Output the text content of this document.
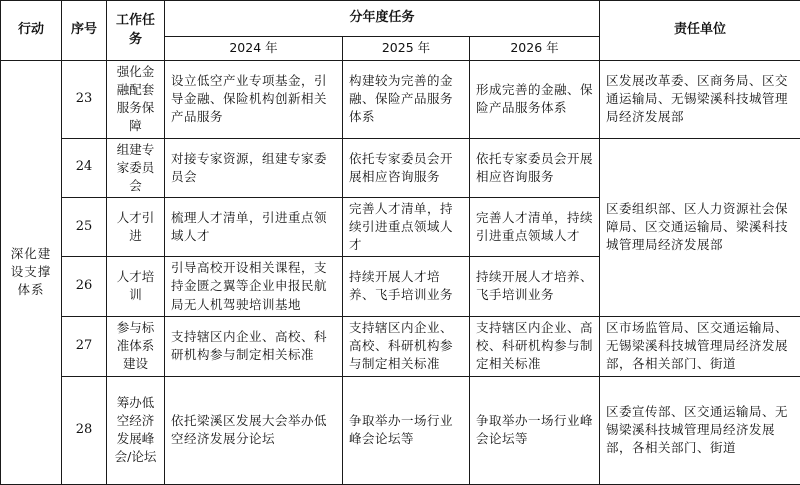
行动	序号	工作任务	分年度任务			责任单位
			2024 年	2025 年	2026 年	
深化建设支撑体系	23	强化金融配套服务保障	设立低空产业专项基金，引导金融、保险机构创新相关产品服务	构建较为完善的金融、保险产品服务体系	形成完善的金融、保险产品服务体系	区发展改革委、区商务局、区交通运输局、无锡梁溪科技城管理局经济发展部
	24	组建专家委员会	对接专家资源，组建专家委员会	依托专家委员会开展相应咨询服务	依托专家委员会开展相应咨询服务	区委组织部、区人力资源社会保障局、区交通运输局、梁溪科技城管理局经济发展部
	25	人才引进	梳理人才清单，引进重点领域人才	完善人才清单，持续引进重点领域人才	完善人才清单，持续引进重点领域人才	
	26	人才培训	引导高校开设相关课程，支持金匮之翼等企业申报民航局无人机驾驶培训基地	持续开展人才培养、飞手培训业务	持续开展人才培养、飞手培训业务	
	27	参与标准体系建设	支持辖区内企业、高校、科研机构参与制定相关标准	支持辖区内企业、高校、科研机构参与制定相关标准	支持辖区内企业、高校、科研机构参与制定相关标准	区市场监管局、区交通运输局、无锡梁溪科技城管理局经济发展部，各相关部门、街道
	28	筹办低空经济发展峰会/论坛	依托梁溪区发展大会举办低空经济发展分论坛	争取举办一场行业峰会论坛等	争取举办一场行业峰会论坛等	区委宣传部、区交通运输局、无锡梁溪科技城管理局经济发展部，各相关部门、街道
